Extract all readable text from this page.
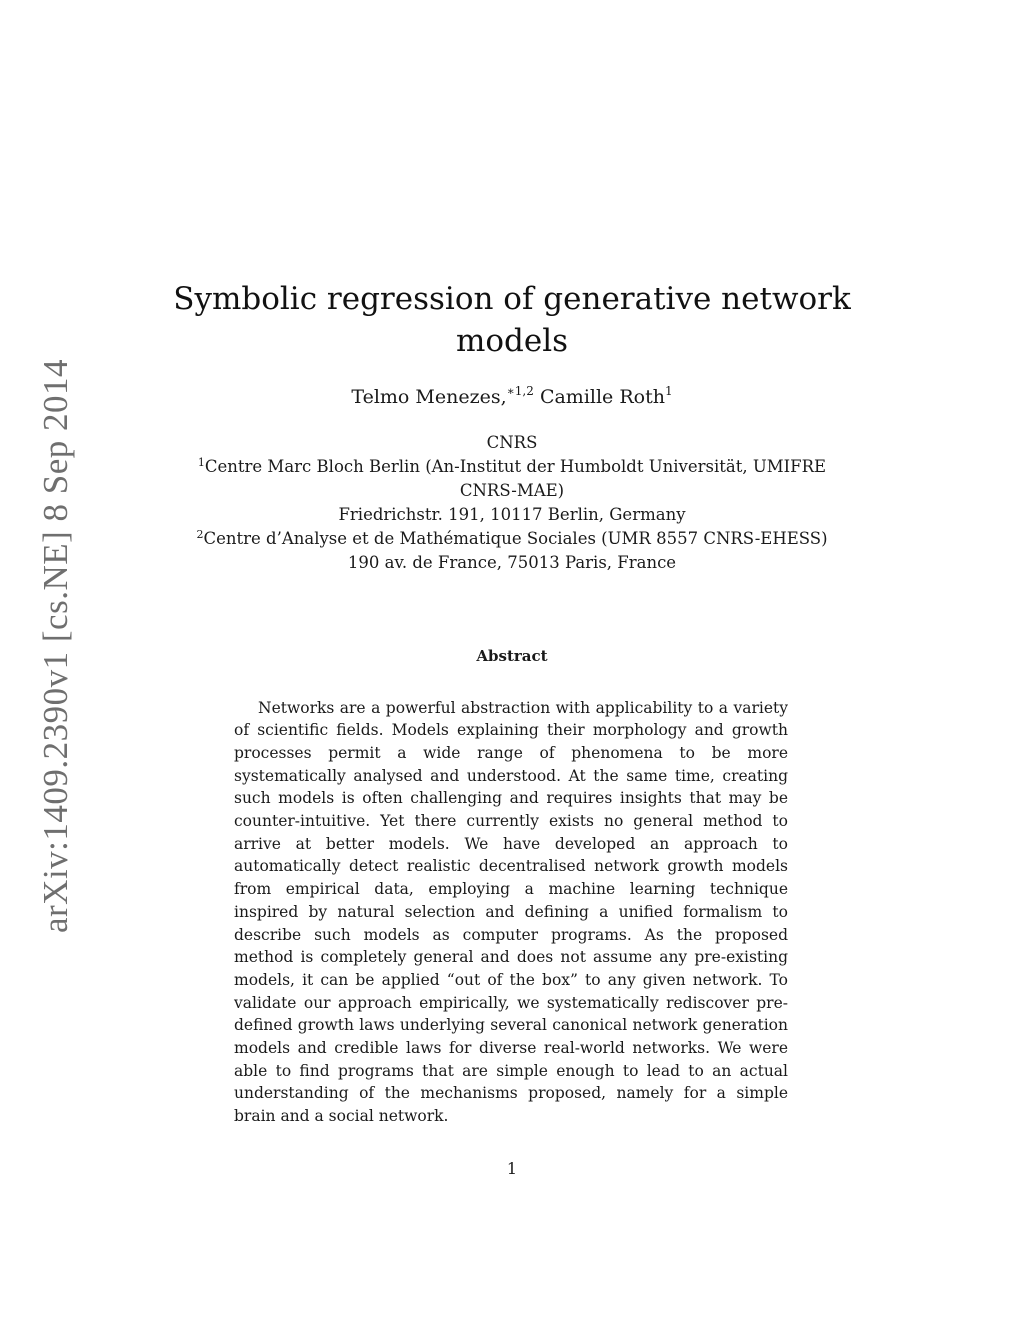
arXiv:1409.2390v1 [cs.NE] 8 Sep 2014
Symbolic regression of generative network
models
Telmo Menezes,$^{∗1,2}$ Camille Roth$^1$
CNRS
$^1$Centre Marc Bloch Berlin (An-Institut der Humboldt Universität, UMIFRE
CNRS-MAE)
Friedrichstr. 191, 10117 Berlin, Germany
$^2$Centre d’Analyse et de Mathématique Sociales (UMR 8557 CNRS-EHESS)
190 av. de France, 75013 Paris, France
Abstract

Networks are a powerful abstraction with applicability to a variety of scientific fields. Models explaining their morphology and growth processes permit a wide range of phenomena to be more systematically analysed and understood. At the same time, creating such models is often challenging and requires insights that may be counter-intuitive. Yet there currently exists no general method to arrive at better models. We have developed an approach to automatically detect realistic decentralised network growth models from empirical data, employing a machine learning technique inspired by natural selection and defining a unified formalism to describe such models as computer programs. As the proposed method is completely general and does not assume any pre-existing models, it can be applied “out of the box” to any given network. To validate our approach empirically, we systematically rediscover pre-defined growth laws underlying several canonical network generation models and credible laws for diverse real-world networks. We were able to find programs that are simple enough to lead to an actual understanding of the mechanisms proposed, namely for a simple brain and a social network.

1
